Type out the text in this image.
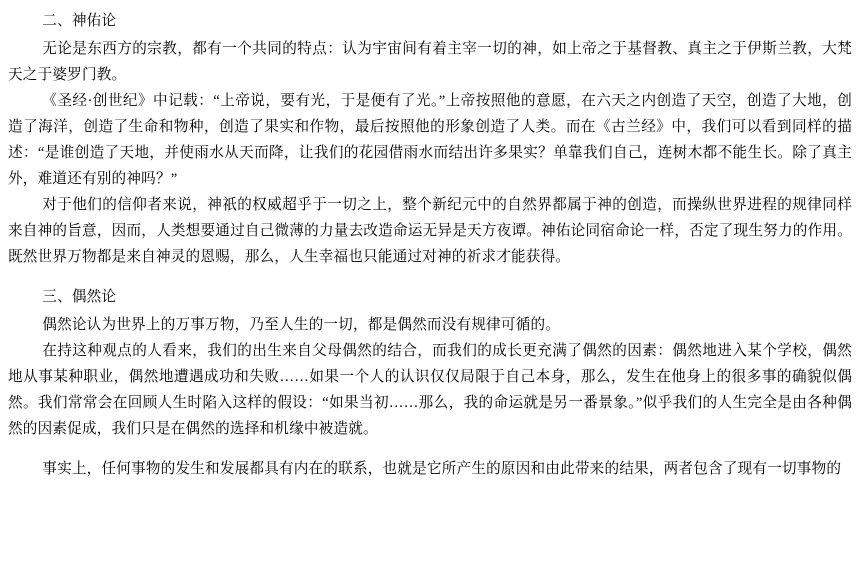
二、神佑论

无论是东西方的宗教，都有一个共同的特点：认为宇宙间有着主宰一切的神，如上帝之于基督教、真主之于伊斯兰教，大梵天之于婆罗门教。

《圣经·创世纪》中记载：“上帝说，要有光，于是便有了光。”上帝按照他的意愿，在六天之内创造了天空，创造了大地，创造了海洋，创造了生命和物种，创造了果实和作物，最后按照他的形象创造了人类。而在《古兰经》中，我们可以看到同样的描述：“是谁创造了天地，并使雨水从天而降，让我们的花园借雨水而结出许多果实？单靠我们自己，连树木都不能生长。除了真主外，难道还有别的神吗？”

对于他们的信仰者来说，神祇的权威超乎于一切之上，整个新纪元中的自然界都属于神的创造，而操纵世界进程的规律同样来自神的旨意，因而，人类想要通过自己微薄的力量去改造命运无异是天方夜谭。神佑论同宿命论一样，否定了现生努力的作用。既然世界万物都是来自神灵的恩赐，那么，人生幸福也只能通过对神的祈求才能获得。

三、偶然论

偶然论认为世界上的万事万物，乃至人生的一切，都是偶然而没有规律可循的。

在持这种观点的人看来，我们的出生来自父母偶然的结合，而我们的成长更充满了偶然的因素：偶然地进入某个学校，偶然地从事某种职业，偶然地遭遇成功和失败……如果一个人的认识仅仅局限于自己本身，那么，发生在他身上的很多事的确貌似偶然。我们常常会在回顾人生时陷入这样的假设：“如果当初……那么，我的命运就是另一番景象。”似乎我们的人生完全是由各种偶然的因素促成，我们只是在偶然的选择和机缘中被造就。

事实上，任何事物的发生和发展都具有内在的联系，也就是它所产生的原因和由此带来的结果，两者包含了现有一切事物的
